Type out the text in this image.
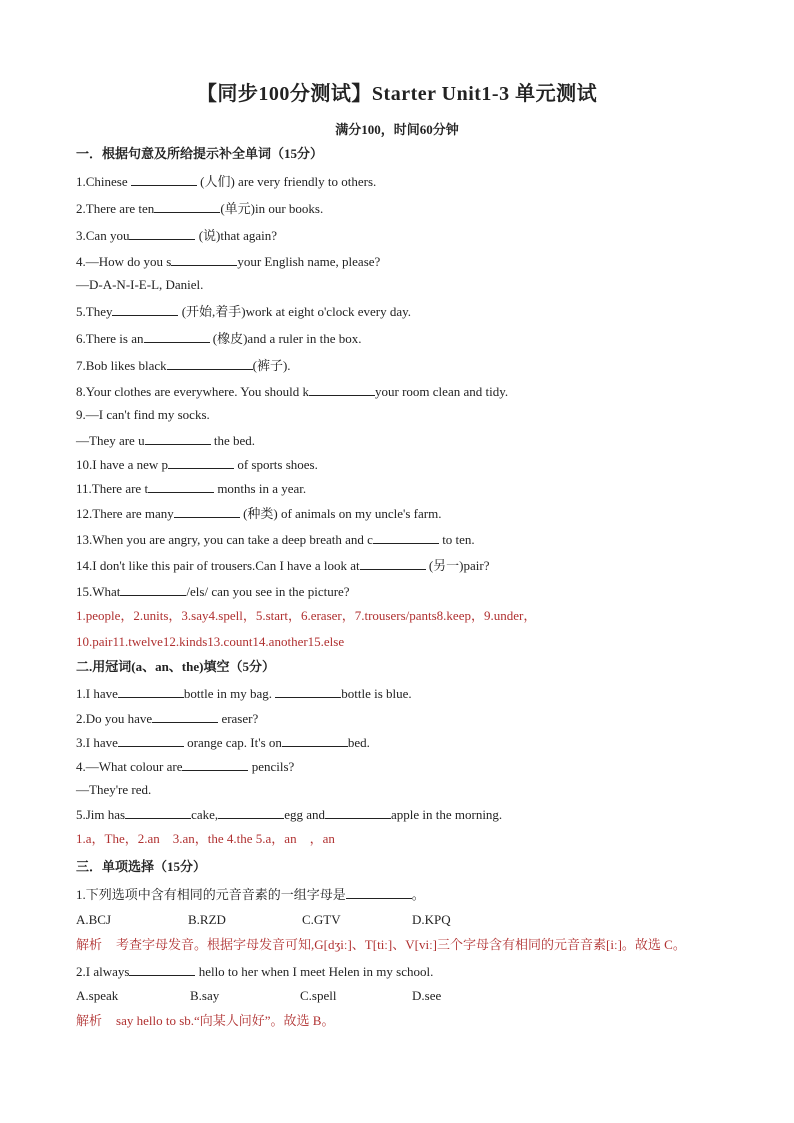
【同步100分测试】Starter Unit1-3 单元测试
满分100，时间60分钟
一．根据句意及所给提示补全单词（15分）
1.Chinese	(人们) are very friendly to others.
2.There are ten	(单元)in our books.
3.Can you	(说)that again?
4.—How do you s	your English name, please?
—D-A-N-I-E-L, Daniel.
5.They	(开始,着手)work at eight o'clock every day.
6.There is an	(橡皮)and a ruler in the box.
7.Bob likes black	(裤子).
8.Your clothes are everywhere. You should k	your room clean and tidy.
9.—I can't find my socks.
—They are u	the bed.
10.I have a new p	of sports shoes.
11.There are t	months in a year.
12.There are many	(种类) of animals on my uncle's farm.
13.When you are angry, you can take a deep breath and c	to ten.
14.I don't like this pair of trousers.Can I have a look at	(另一)pair?
15.What	/els/ can you see in the picture?
1.people，2.units，3.say4.spell，5.start，6.eraser，7.trousers/pants8.keep，9.under，
10.pair11.twelve12.kinds13.count14.another15.else
二.用冠词(a、an、the)填空（5分）
1.I have	bottle in my bag.	bottle is blue.
2.Do you have	eraser?
3.I have	orange cap. It's on	bed.
4.—What colour are	pencils?
—They're red.
5.Jim has	cake,	egg and	apple in the morning.
1.a，The，2.an　3.an，the 4.the 5.a，an　，an
三．单项选择（15分）
1.下列选项中含有相同的元音音素的一组字母是	。
A.BCJ	B.RZD	C.GTV	D.KPQ
解析 考查字母发音。根据字母发音可知,G[dʒiː]、T[tiː]、V[viː]三个字母含有相同的元音音素[iː]。故选 C。
2.I always	hello to her when I meet Helen in my school.
A.speak	B.say	C.spell	D.see
解析 say hello to sb.“向某人问好”。故选 B。
